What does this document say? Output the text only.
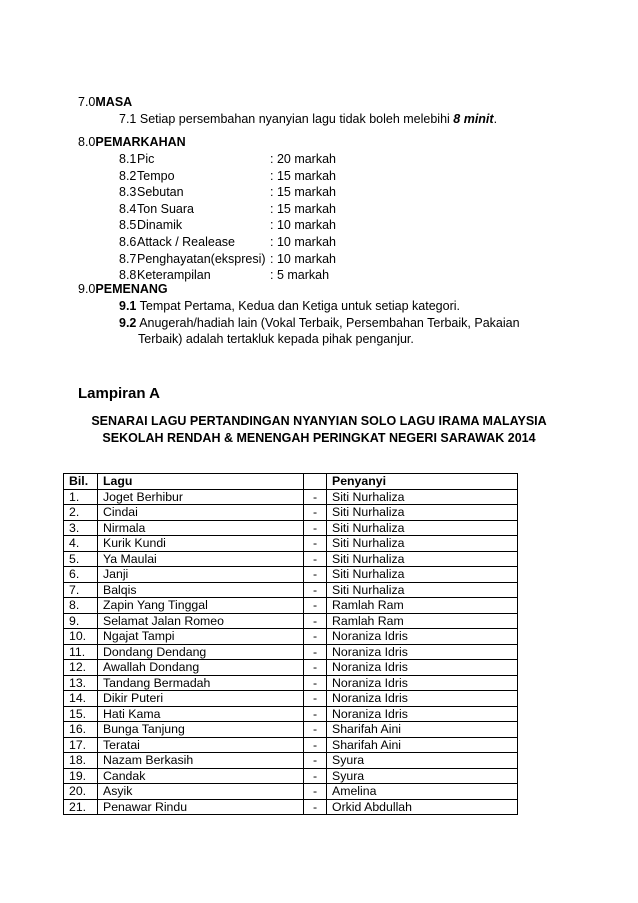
7.0MASA
7.1 Setiap persembahan nyanyian lagu tidak boleh melebihi 8 minit.
8.0PEMARKAHAN
8.1 Pic	: 20 markah
8.2 Tempo	: 15 markah
8.3 Sebutan	: 15 markah
8.4 Ton Suara	: 15 markah
8.5 Dinamik	: 10 markah
8.6 Attack / Realease	: 10 markah
8.7 Penghayatan(ekspresi) : 10 markah
8.8 Keterampilan	: 5 markah
9.0PEMENANG
9.1 Tempat Pertama, Kedua dan Ketiga untuk setiap kategori.
9.2 Anugerah/hadiah lain (Vokal Terbaik, Persembahan Terbaik, Pakaian
Terbaik) adalah tertakluk kepada pihak penganjur.
Lampiran A
SENARAI LAGU PERTANDINGAN NYANYIAN SOLO LAGU IRAMA MALAYSIA
SEKOLAH RENDAH & MENENGAH PERINGKAT NEGERI SARAWAK 2014
Bil.	Lagu		Penyanyi
1.	Joget Berhibur	-	Siti Nurhaliza
2.	Cindai	-	Siti Nurhaliza
3.	Nirmala	-	Siti Nurhaliza
4.	Kurik Kundi	-	Siti Nurhaliza
5.	Ya Maulai	-	Siti Nurhaliza
6.	Janji	-	Siti Nurhaliza
7.	Balqis	-	Siti Nurhaliza
8.	Zapin Yang Tinggal	-	Ramlah Ram
9.	Selamat Jalan Romeo	-	Ramlah Ram
10.	Ngajat Tampi	-	Noraniza Idris
11.	Dondang Dendang	-	Noraniza Idris
12.	Awallah Dondang	-	Noraniza Idris
13.	Tandang Bermadah	-	Noraniza Idris
14.	Dikir Puteri	-	Noraniza Idris
15.	Hati Kama	-	Noraniza Idris
16.	Bunga Tanjung	-	Sharifah Aini
17.	Teratai	-	Sharifah Aini
18.	Nazam Berkasih	-	Syura
19.	Candak	-	Syura
20.	Asyik	-	Amelina
21.	Penawar Rindu	-	Orkid Abdullah
